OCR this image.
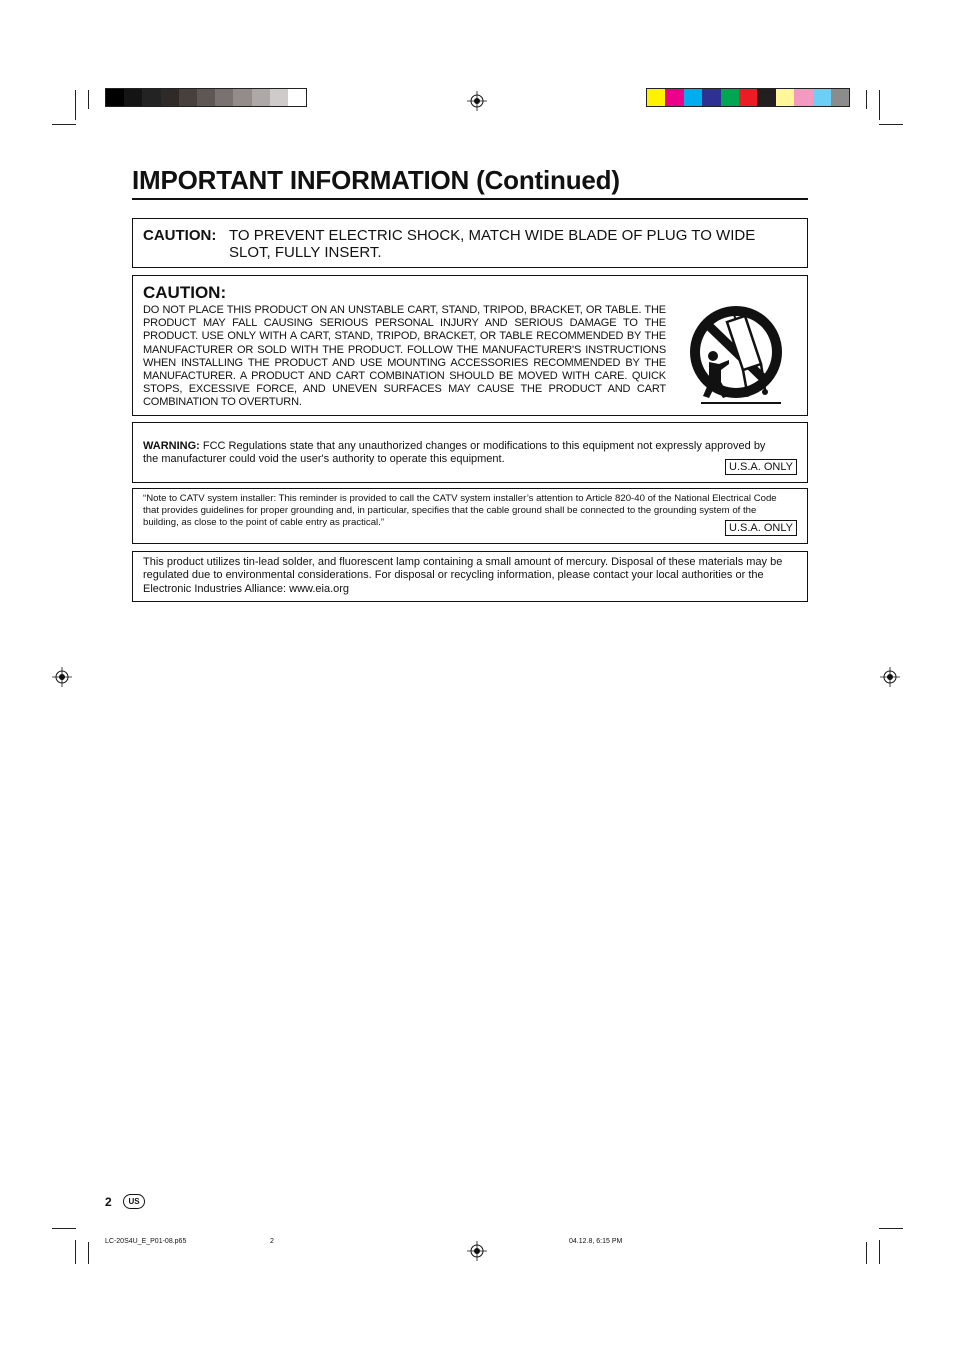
IMPORTANT INFORMATION (Continued)
CAUTION: TO PREVENT ELECTRIC SHOCK, MATCH WIDE BLADE OF PLUG TO WIDE SLOT, FULLY INSERT.
CAUTION:
DO NOT PLACE THIS PRODUCT ON AN UNSTABLE CART, STAND, TRIPOD, BRACKET, OR TABLE. THE PRODUCT MAY FALL CAUSING SERIOUS PERSONAL INJURY AND SERIOUS DAMAGE TO THE PRODUCT. USE ONLY WITH A CART, STAND, TRIPOD, BRACKET, OR TABLE RECOMMENDED BY THE MANUFACTURER OR SOLD WITH THE PRODUCT. FOLLOW THE MANUFACTURER'S INSTRUCTIONS WHEN INSTALLING THE PRODUCT AND USE MOUNTING ACCESSORIES RECOMMENDED BY THE MANUFACTURER. A PRODUCT AND CART COMBINATION SHOULD BE MOVED WITH CARE. QUICK STOPS, EXCESSIVE FORCE, AND UNEVEN SURFACES MAY CAUSE THE PRODUCT AND CART COMBINATION TO OVERTURN.
WARNING: FCC Regulations state that any unauthorized changes or modifications to this equipment not expressly approved by the manufacturer could void the user's authority to operate this equipment.
U.S.A. ONLY
“Note to CATV system installer: This reminder is provided to call the CATV system installer’s attention to Article 820-40 of the National Electrical Code that provides guidelines for proper grounding and, in particular, specifies that the cable ground shall be connected to the grounding system of the building, as close to the point of cable entry as practical.”	U.S.A. ONLY
This product utilizes tin-lead solder, and fluorescent lamp containing a small amount of mercury. Disposal of these materials may be regulated due to environmental considerations. For disposal or recycling information, please contact your local authorities or the Electronic Industries Alliance: www.eia.org
2	US
LC-20S4U_E_P01-08.p65	2	04.12.8, 6:15 PM
